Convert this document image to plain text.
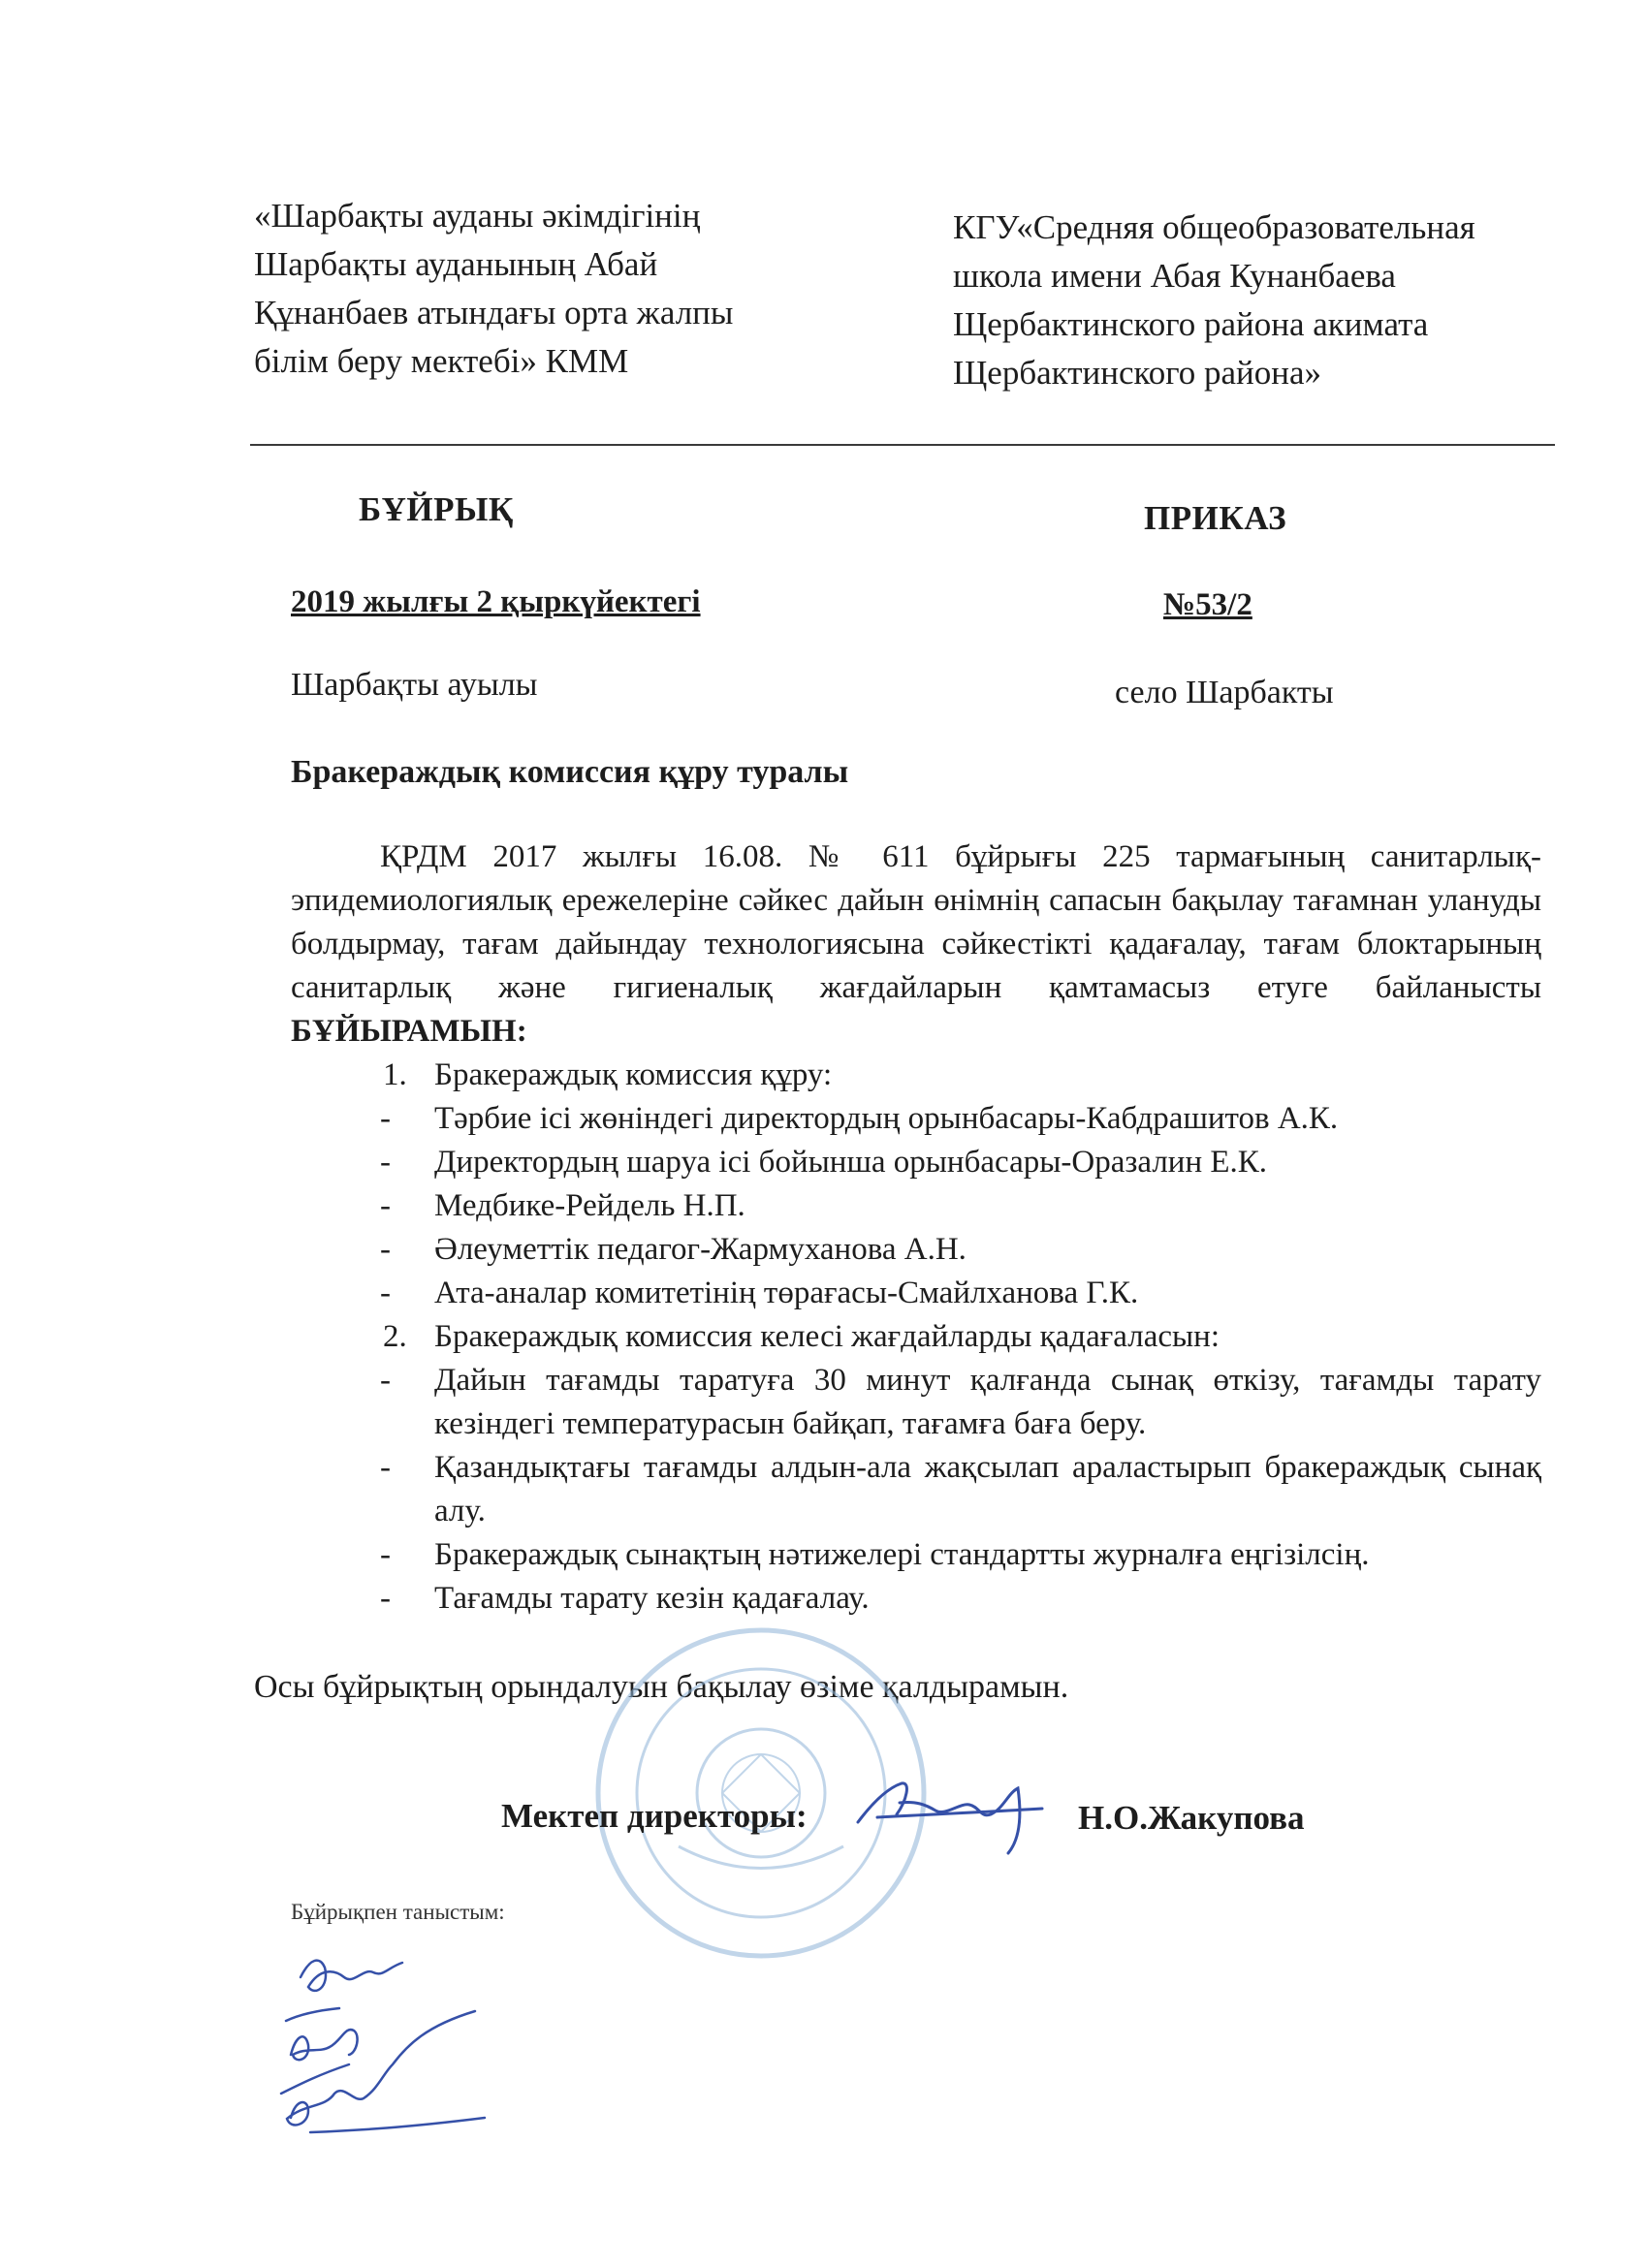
«Шарбақты ауданы әкімдігінің
Шарбақты ауданының Абай
Құнанбаев атындағы орта жалпы
білім беру мектебі» КММ
КГУ«Средняя общеобразовательная
школа имени Абая Кунанбаева
Щербактинского района акимата
Щербактинского района»
БҰЙРЫҚ	ПРИКАЗ
2019 жылғы 2 қыркүйектегі	№53/2
Шарбақты ауылы	село Шарбакты
Бракераждық комиссия құру туралы

ҚРДМ 2017 жылғы 16.08. № 611 бұйрығы 225 тармағының санитарлық-эпидемиологиялық ережелеріне сәйкес дайын өнімнің сапасын бақылау тағамнан улануды болдырмау, тағам дайындау технологиясына сәйкестікті қадағалау, тағам блоктарының санитарлық және гигиеналық жағдайларын қамтамасыз етуге байланысты БҰЙЫРАМЫН:

1. Бракераждық комиссия құру:
-	Тәрбие ісі жөніндегі директордың орынбасары-Кабдрашитов А.К.
-	Директордың шаруа ісі бойынша орынбасары-Оразалин Е.К.
-	Медбике-Рейдель Н.П.
-	Әлеуметтік педагог-Жармуханова А.Н.
-	Ата-аналар комитетінің төрағасы-Смайлханова Г.К.
2. Бракераждық комиссия келесі жағдайларды қадағаласын:
-	Дайын тағамды таратуға 30 минут қалғанда сынақ өткізу, тағамды тарату кезіндегі температурасын байқап, тағамға баға беру.
-	Қазандықтағы тағамды алдын-ала жақсылап араластырып бракераждық сынақ алу.
-	Бракераждық сынақтың нәтижелері стандартты журналға еңгізілсің.
-	Тағамды тарату кезін қадағалау.
Осы бұйрықтың орындалуын бақылау өзіме қалдырамын.
Мектеп директоры:	Н.О.Жакупова
Бұйрықпен таныстым:
